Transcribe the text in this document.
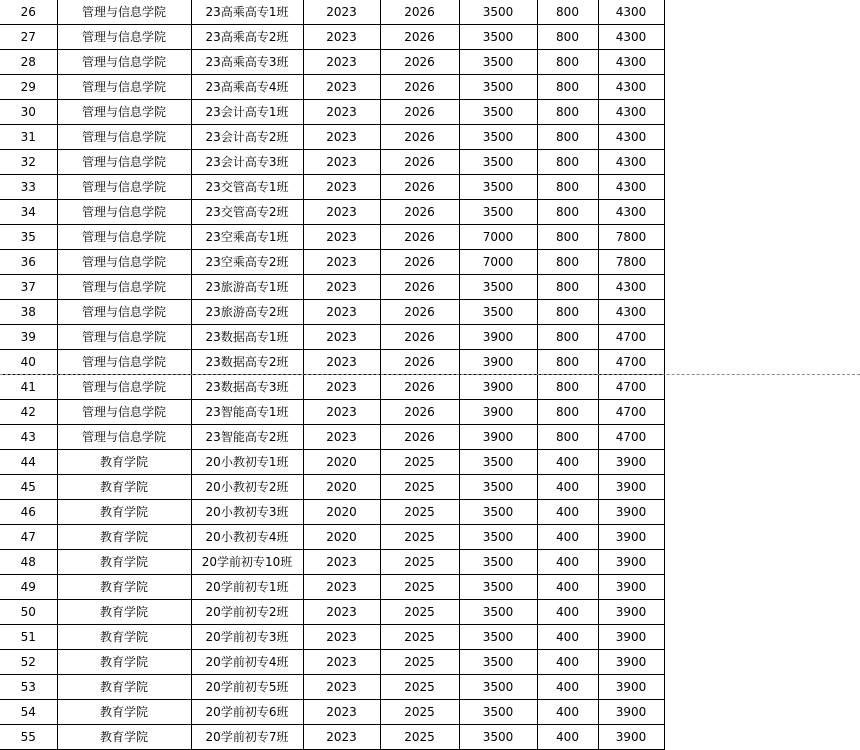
26	管理与信息学院	23高乘高专1班	2023	2026	3500	800	4300
27	管理与信息学院	23高乘高专2班	2023	2026	3500	800	4300
28	管理与信息学院	23高乘高专3班	2023	2026	3500	800	4300
29	管理与信息学院	23高乘高专4班	2023	2026	3500	800	4300
30	管理与信息学院	23会计高专1班	2023	2026	3500	800	4300
31	管理与信息学院	23会计高专2班	2023	2026	3500	800	4300
32	管理与信息学院	23会计高专3班	2023	2026	3500	800	4300
33	管理与信息学院	23交管高专1班	2023	2026	3500	800	4300
34	管理与信息学院	23交管高专2班	2023	2026	3500	800	4300
35	管理与信息学院	23空乘高专1班	2023	2026	7000	800	7800
36	管理与信息学院	23空乘高专2班	2023	2026	7000	800	7800
37	管理与信息学院	23旅游高专1班	2023	2026	3500	800	4300
38	管理与信息学院	23旅游高专2班	2023	2026	3500	800	4300
39	管理与信息学院	23数据高专1班	2023	2026	3900	800	4700
40	管理与信息学院	23数据高专2班	2023	2026	3900	800	4700
41	管理与信息学院	23数据高专3班	2023	2026	3900	800	4700
42	管理与信息学院	23智能高专1班	2023	2026	3900	800	4700
43	管理与信息学院	23智能高专2班	2023	2026	3900	800	4700
44	教育学院	20小教初专1班	2020	2025	3500	400	3900
45	教育学院	20小教初专2班	2020	2025	3500	400	3900
46	教育学院	20小教初专3班	2020	2025	3500	400	3900
47	教育学院	20小教初专4班	2020	2025	3500	400	3900
48	教育学院	20学前初专10班	2023	2025	3500	400	3900
49	教育学院	20学前初专1班	2023	2025	3500	400	3900
50	教育学院	20学前初专2班	2023	2025	3500	400	3900
51	教育学院	20学前初专3班	2023	2025	3500	400	3900
52	教育学院	20学前初专4班	2023	2025	3500	400	3900
53	教育学院	20学前初专5班	2023	2025	3500	400	3900
54	教育学院	20学前初专6班	2023	2025	3500	400	3900
55	教育学院	20学前初专7班	2023	2025	3500	400	3900
